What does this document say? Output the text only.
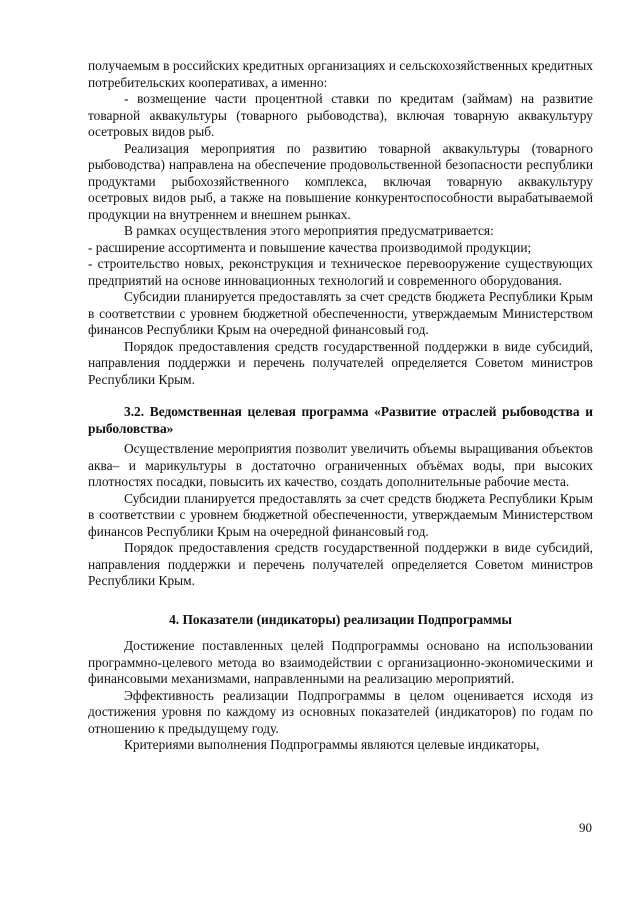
получаемым в российских кредитных организациях и сельскохозяйственных кредитных потребительских кооперативах, а именно:

- возмещение части процентной ставки по кредитам (займам) на развитие товарной аквакультуры (товарного рыбоводства), включая товарную аквакультуру осетровых видов рыб.

Реализация мероприятия по развитию товарной аквакультуры (товарного рыбоводства) направлена на обеспечение продовольственной безопасности республики продуктами рыбохозяйственного комплекса, включая товарную аквакультуру осетровых видов рыб, а также на повышение конкурентоспособности вырабатываемой продукции на внутреннем и внешнем рынках.

В рамках осуществления этого мероприятия предусматривается:

- расширение ассортимента и повышение качества производимой продукции;

- строительство новых, реконструкция и техническое перевооружение существующих предприятий на основе инновационных технологий и современного оборудования.

Субсидии планируется предоставлять за счет средств бюджета Республики Крым в соответствии с уровнем бюджетной обеспеченности, утверждаемым Министерством финансов Республики Крым на очередной финансовый год.

Порядок предоставления средств государственной поддержки в виде субсидий, направления поддержки и перечень получателей определяется Советом министров Республики Крым.

3.2. Ведомственная целевая программа «Развитие отраслей рыбоводства и рыболовства»

Осуществление мероприятия позволит увеличить объемы выращивания объектов аква– и марикультуры в достаточно ограниченных объёмах воды, при высоких плотностях посадки, повысить их качество, создать дополнительные рабочие места.

Субсидии планируется предоставлять за счет средств бюджета Республики Крым в соответствии с уровнем бюджетной обеспеченности, утверждаемым Министерством финансов Республики Крым на очередной финансовый год.

Порядок предоставления средств государственной поддержки в виде субсидий, направления поддержки и перечень получателей определяется Советом министров Республики Крым.

4. Показатели (индикаторы) реализации Подпрограммы

Достижение поставленных целей Подпрограммы основано на использовании программно-целевого метода во взаимодействии с организационно-экономическими и финансовыми механизмами, направленными на реализацию мероприятий.

Эффективность реализации Подпрограммы в целом оценивается исходя из достижения уровня по каждому из основных показателей (индикаторов) по годам по отношению к предыдущему году.

Критериями выполнения Подпрограммы являются целевые индикаторы,

90
